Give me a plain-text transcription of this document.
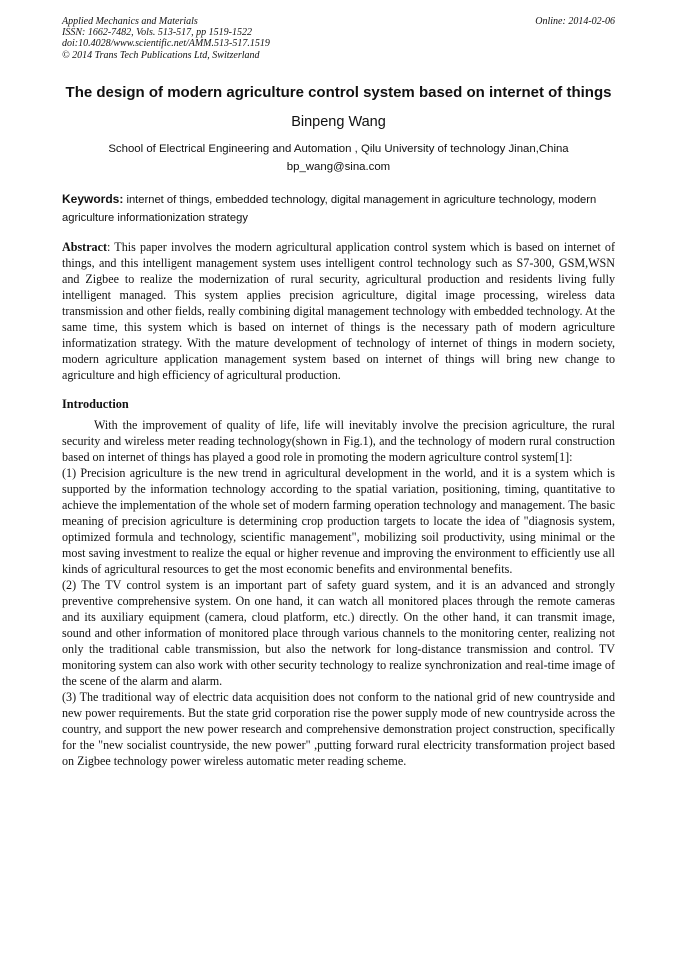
Applied Mechanics and Materials
ISSN: 1662-7482, Vols. 513-517, pp 1519-1522
doi:10.4028/www.scientific.net/AMM.513-517.1519
© 2014 Trans Tech Publications Ltd, Switzerland
Online: 2014-02-06
The design of modern agriculture control system based on internet of things
Binpeng Wang
School of Electrical Engineering and Automation , Qilu University of technology Jinan,China
bp_wang@sina.com
Keywords: internet of things, embedded technology, digital management in agriculture technology, modern agriculture informationization strategy

Abstract: This paper involves the modern agricultural application control system which is based on internet of things, and this intelligent management system uses intelligent control technology such as S7-300, GSM,WSN and Zigbee to realize the modernization of rural security, agricultural production and residents living fully intelligent managed. This system applies precision agriculture, digital image processing, wireless data transmission and other fields, really combining digital management technology with embedded technology. At the same time, this system which is based on internet of things is the necessary path of modern agriculture informatization strategy. With the mature development of technology of internet of things in modern society, modern agriculture application management system based on internet of things will bring new change to agriculture and high efficiency of agricultural production.

Introduction

With the improvement of quality of life, life will inevitably involve the precision agriculture, the rural security and wireless meter reading technology(shown in Fig.1), and the technology of modern rural construction based on internet of things has played a good role in promoting the modern agriculture control system[1]:

(1) Precision agriculture is the new trend in agricultural development in the world, and it is a system which is supported by the information technology according to the spatial variation, positioning, timing, quantitative to achieve the implementation of the whole set of modern farming operation technology and management. The basic meaning of precision agriculture is determining crop production targets to locate the idea of "diagnosis system, optimized formula and technology, scientific management", mobilizing soil productivity, using minimal or the most saving investment to realize the equal or higher revenue and improving the environment to efficiently use all kinds of agricultural resources to get the most economic benefits and environmental benefits.

(2) The TV control system is an important part of safety guard system, and it is an advanced and strongly preventive comprehensive system. On one hand, it can watch all monitored places through the remote cameras and its auxiliary equipment (camera, cloud platform, etc.) directly. On the other hand, it can transmit image, sound and other information of monitored place through various channels to the monitoring center, realizing not only the traditional cable transmission, but also the network for long-distance transmission and control. TV monitoring system can also work with other security technology to realize synchronization and real-time image of the scene of the alarm and alarm.

(3) The traditional way of electric data acquisition does not conform to the national grid of new countryside and new power requirements. But the state grid corporation rise the power supply mode of new countryside across the country, and support the new power research and comprehensive demonstration project construction, specifically for the "new socialist countryside, the new power" ,putting forward rural electricity transformation project based on Zigbee technology power wireless automatic meter reading scheme.
